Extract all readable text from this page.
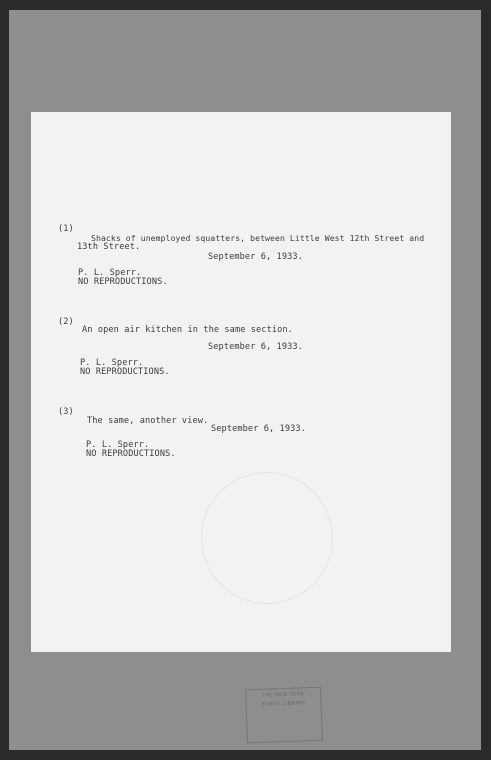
(1)
Shacks of unemployed squatters, between Little West 12th Street and
13th Street.
September 6, 1933.
P. L. Sperr.
NO REPRODUCTIONS.
(2)
An open air kitchen in the same section.
September 6, 1933.
P. L. Sperr.
NO REPRODUCTIONS.
(3)
The same, another view.
September 6, 1933.
P. L. Sperr.
NO REPRODUCTIONS.
THE NEW YORK
PUBLIC LIBRARY
